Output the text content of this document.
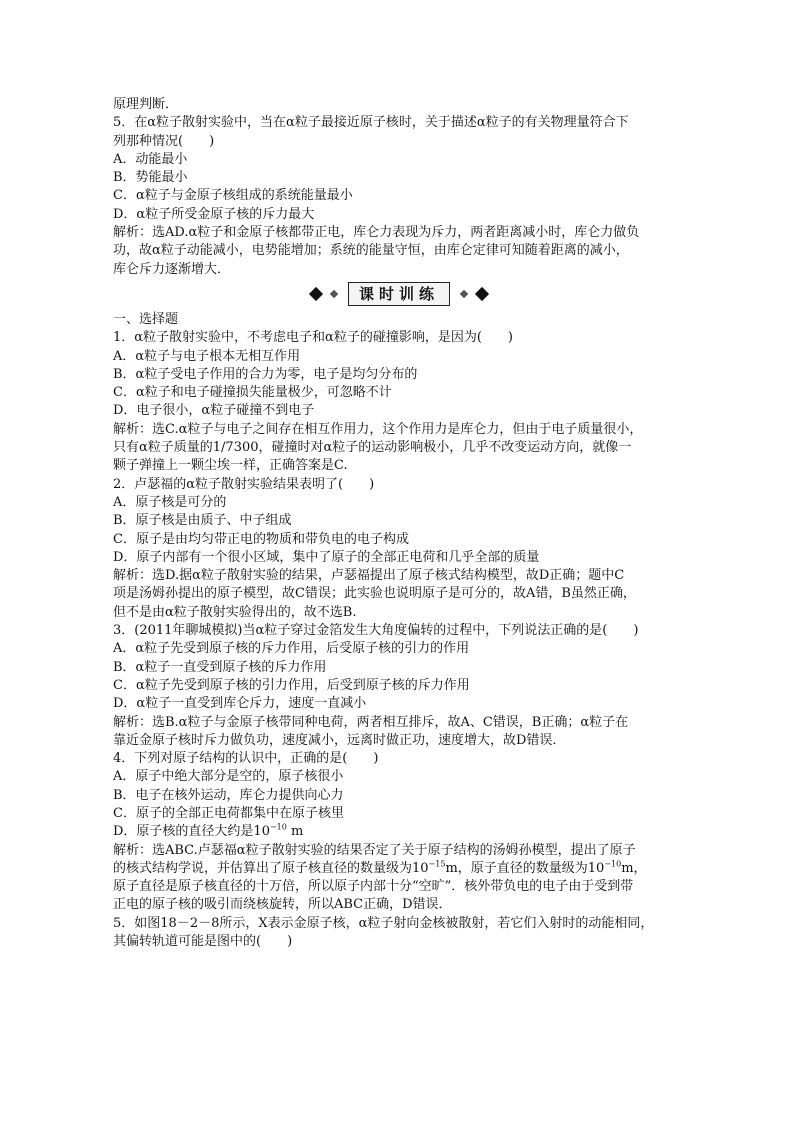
原理判断．
5．在α粒子散射实验中，当在α粒子最接近原子核时，关于描述α粒子的有关物理量符合下
列那种情况(　　)
A．动能最小
B．势能最小
C．α粒子与金原子核组成的系统能量最小
D．α粒子所受金原子核的斥力最大
解析：选AD.α粒子和金原子核都带正电，库仑力表现为斥力，两者距离减小时，库仑力做负
功，故α粒子动能减小，电势能增加；系统的能量守恒，由库仑定律可知随着距离的减小，
库仑斥力逐渐增大．
课时训练
一、选择题
1．α粒子散射实验中，不考虑电子和α粒子的碰撞影响，是因为(　　)
A．α粒子与电子根本无相互作用
B．α粒子受电子作用的合力为零，电子是均匀分布的
C．α粒子和电子碰撞损失能量极少，可忽略不计
D．电子很小，α粒子碰撞不到电子
解析：选C.α粒子与电子之间存在相互作用力，这个作用力是库仑力，但由于电子质量很小，
只有α粒子质量的1/7300，碰撞时对α粒子的运动影响极小，几乎不改变运动方向，就像一
颗子弹撞上一颗尘埃一样，正确答案是C.
2．卢瑟福的α粒子散射实验结果表明了(　　)
A．原子核是可分的
B．原子核是由质子、中子组成
C．原子是由均匀带正电的物质和带负电的电子构成
D．原子内部有一个很小区域，集中了原子的全部正电荷和几乎全部的质量
解析：选D.据α粒子散射实验的结果，卢瑟福提出了原子核式结构模型，故D正确；题中C
项是汤姆孙提出的原子模型，故C错误；此实验也说明原子是可分的，故A错，B虽然正确，
但不是由α粒子散射实验得出的，故不选B.
3．(2011年聊城模拟)当α粒子穿过金箔发生大角度偏转的过程中，下列说法正确的是(　　)
A．α粒子先受到原子核的斥力作用，后受原子核的引力的作用
B．α粒子一直受到原子核的斥力作用
C．α粒子先受到原子核的引力作用，后受到原子核的斥力作用
D．α粒子一直受到库仑斥力，速度一直减小
解析：选B.α粒子与金原子核带同种电荷，两者相互排斥，故A、C错误，B正确；α粒子在
靠近金原子核时斥力做负功，速度减小，远离时做正功，速度增大，故D错误．
4．下列对原子结构的认识中，正确的是(　　)
A．原子中绝大部分是空的，原子核很小
B．电子在核外运动，库仑力提供向心力
C．原子的全部正电荷都集中在原子核里
D．原子核的直径大约是$10^{-10}$ m
解析：选ABC.卢瑟福α粒子散射实验的结果否定了关于原子结构的汤姆孙模型，提出了原子
的核式结构学说，并估算出了原子核直径的数量级为$10^{-15}m$，原子直径的数量级为$10^{-10}m$，
原子直径是原子核直径的十万倍，所以原子内部十分“空旷”．核外带负电的电子由于受到带
正电的原子核的吸引而绕核旋转，所以ABC正确，D错误．
5．如图18－2－8所示，X表示金原子核，α粒子射向金核被散射，若它们入射时的动能相同，
其偏转轨道可能是图中的(　　)
